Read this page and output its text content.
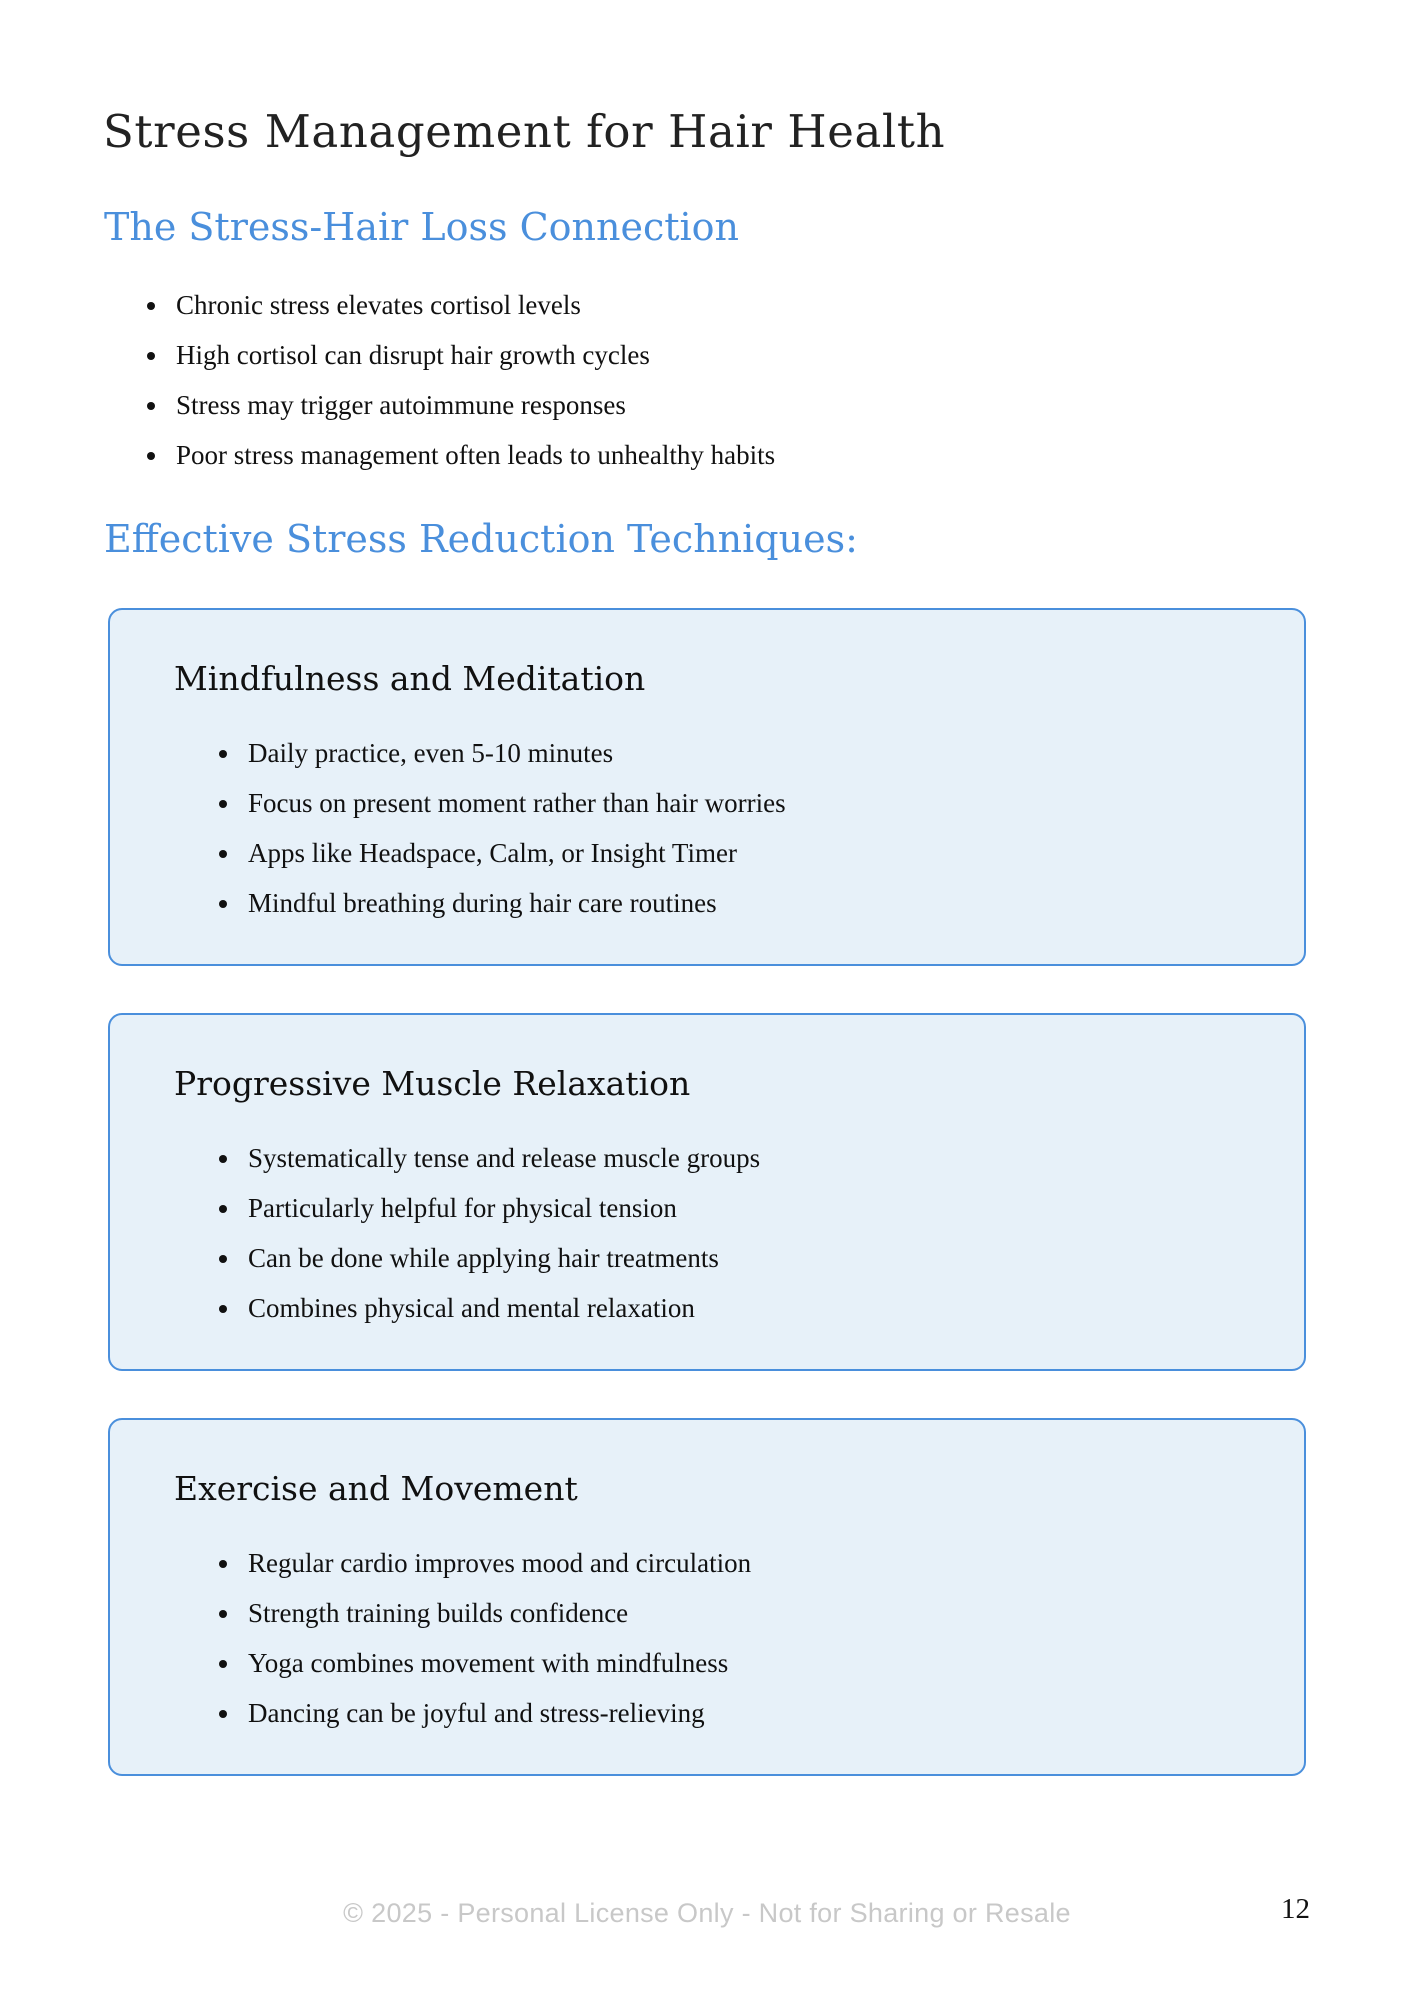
Stress Management for Hair Health
The Stress-Hair Loss Connection
Chronic stress elevates cortisol levels
High cortisol can disrupt hair growth cycles
Stress may trigger autoimmune responses
Poor stress management often leads to unhealthy habits
Effective Stress Reduction Techniques:
Mindfulness and Meditation
Daily practice, even 5-10 minutes
Focus on present moment rather than hair worries
Apps like Headspace, Calm, or Insight Timer
Mindful breathing during hair care routines
Progressive Muscle Relaxation
Systematically tense and release muscle groups
Particularly helpful for physical tension
Can be done while applying hair treatments
Combines physical and mental relaxation
Exercise and Movement
Regular cardio improves mood and circulation
Strength training builds confidence
Yoga combines movement with mindfulness
Dancing can be joyful and stress-relieving
© 2025 - Personal License Only - Not for Sharing or Resale	12
